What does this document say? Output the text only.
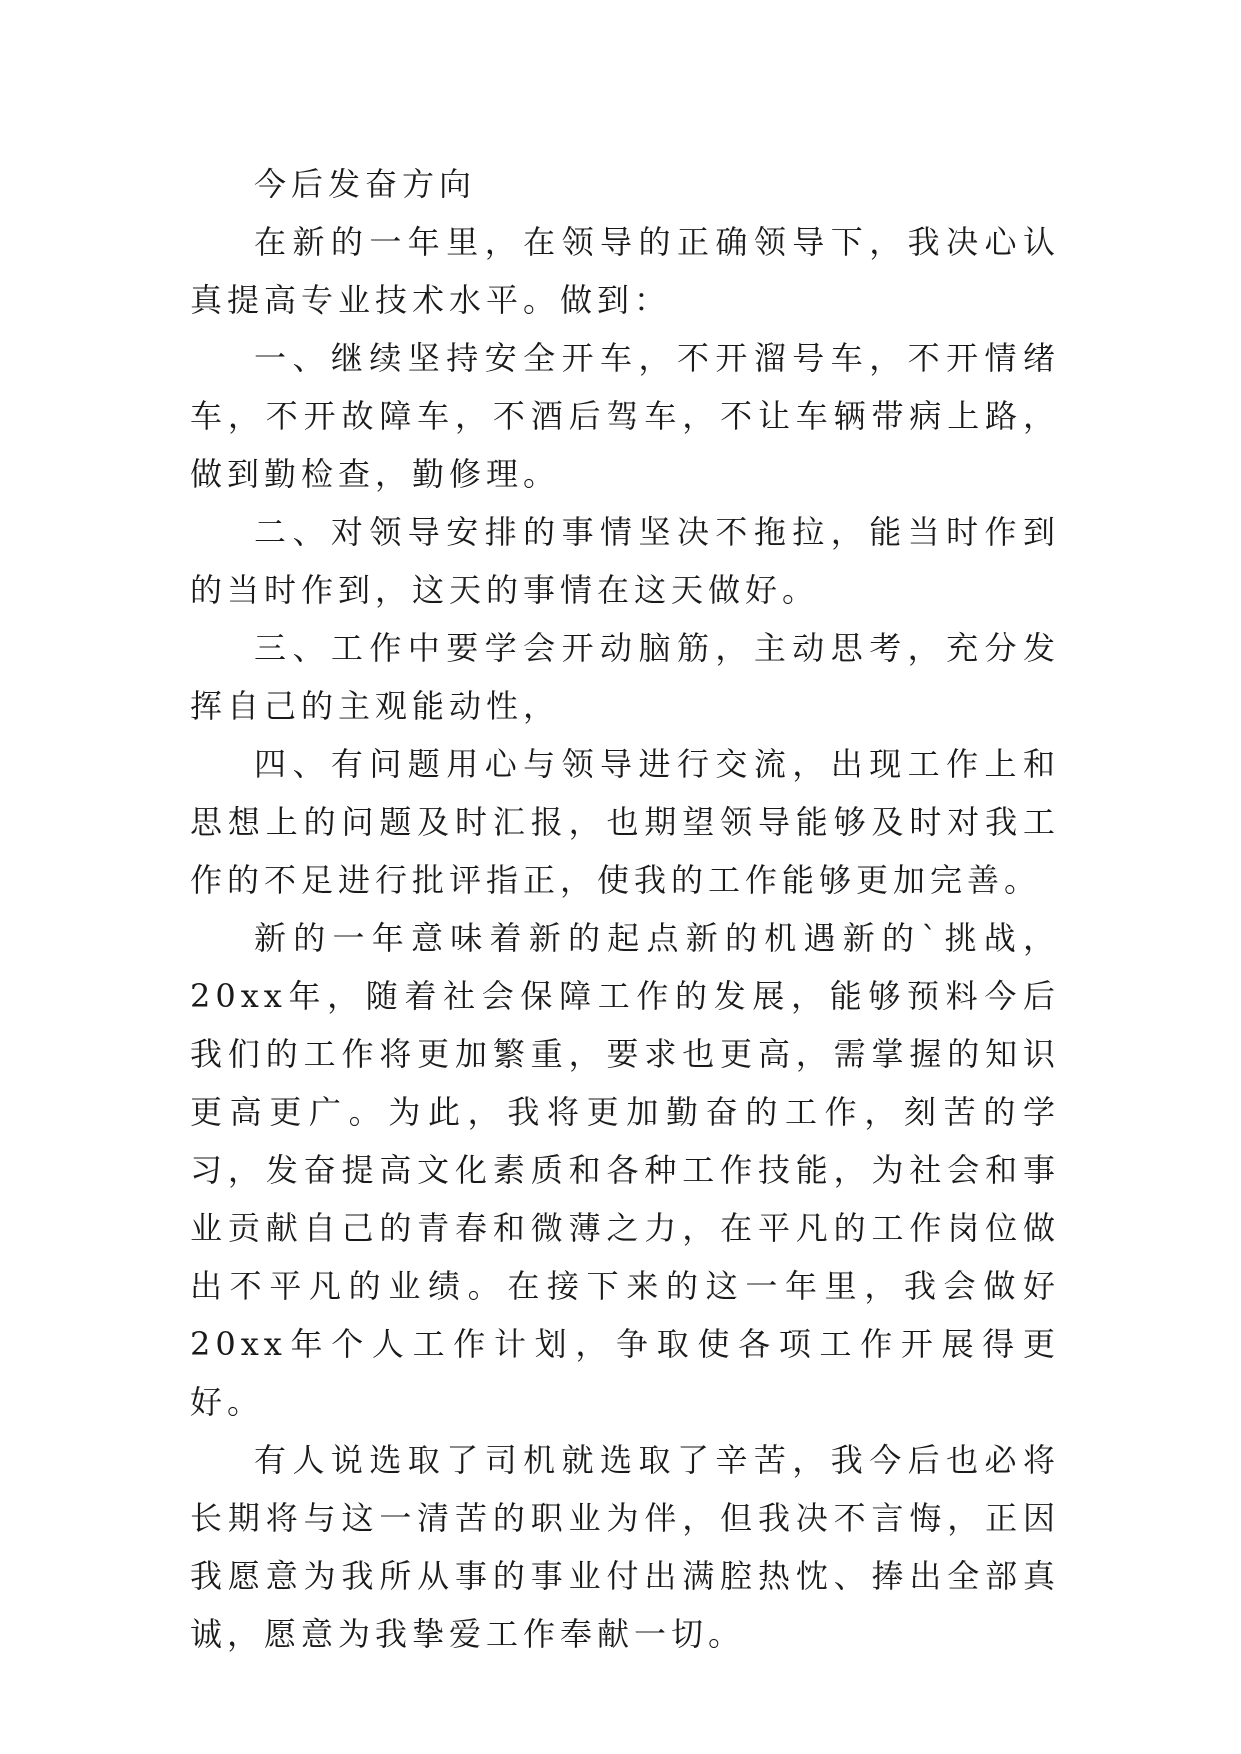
今后发奋方向

在新的一年里，在领导的正确领导下，我决心认真提高专业技术水平。做到：

一、继续坚持安全开车，不开溜号车，不开情绪车，不开故障车，不酒后驾车，不让车辆带病上路，做到勤检查，勤修理。

二、对领导安排的事情坚决不拖拉，能当时作到的当时作到，这天的事情在这天做好。

三、工作中要学会开动脑筋，主动思考，充分发挥自己的主观能动性，

四、有问题用心与领导进行交流，出现工作上和思想上的问题及时汇报，也期望领导能够及时对我工作的不足进行批评指正，使我的工作能够更加完善。

新的一年意味着新的起点新的机遇新的`挑战，20xx年，随着社会保障工作的发展，能够预料今后我们的工作将更加繁重，要求也更高，需掌握的知识更高更广。为此，我将更加勤奋的工作，刻苦的学习，发奋提高文化素质和各种工作技能，为社会和事业贡献自己的青春和微薄之力，在平凡的工作岗位做出不平凡的业绩。在接下来的这一年里，我会做好20xx年个人工作计划，争取使各项工作开展得更好。

有人说选取了司机就选取了辛苦，我今后也必将长期将与这一清苦的职业为伴，但我决不言悔，正因我愿意为我所从事的事业付出满腔热忱、捧出全部真诚，愿意为我挚爱工作奉献一切。
